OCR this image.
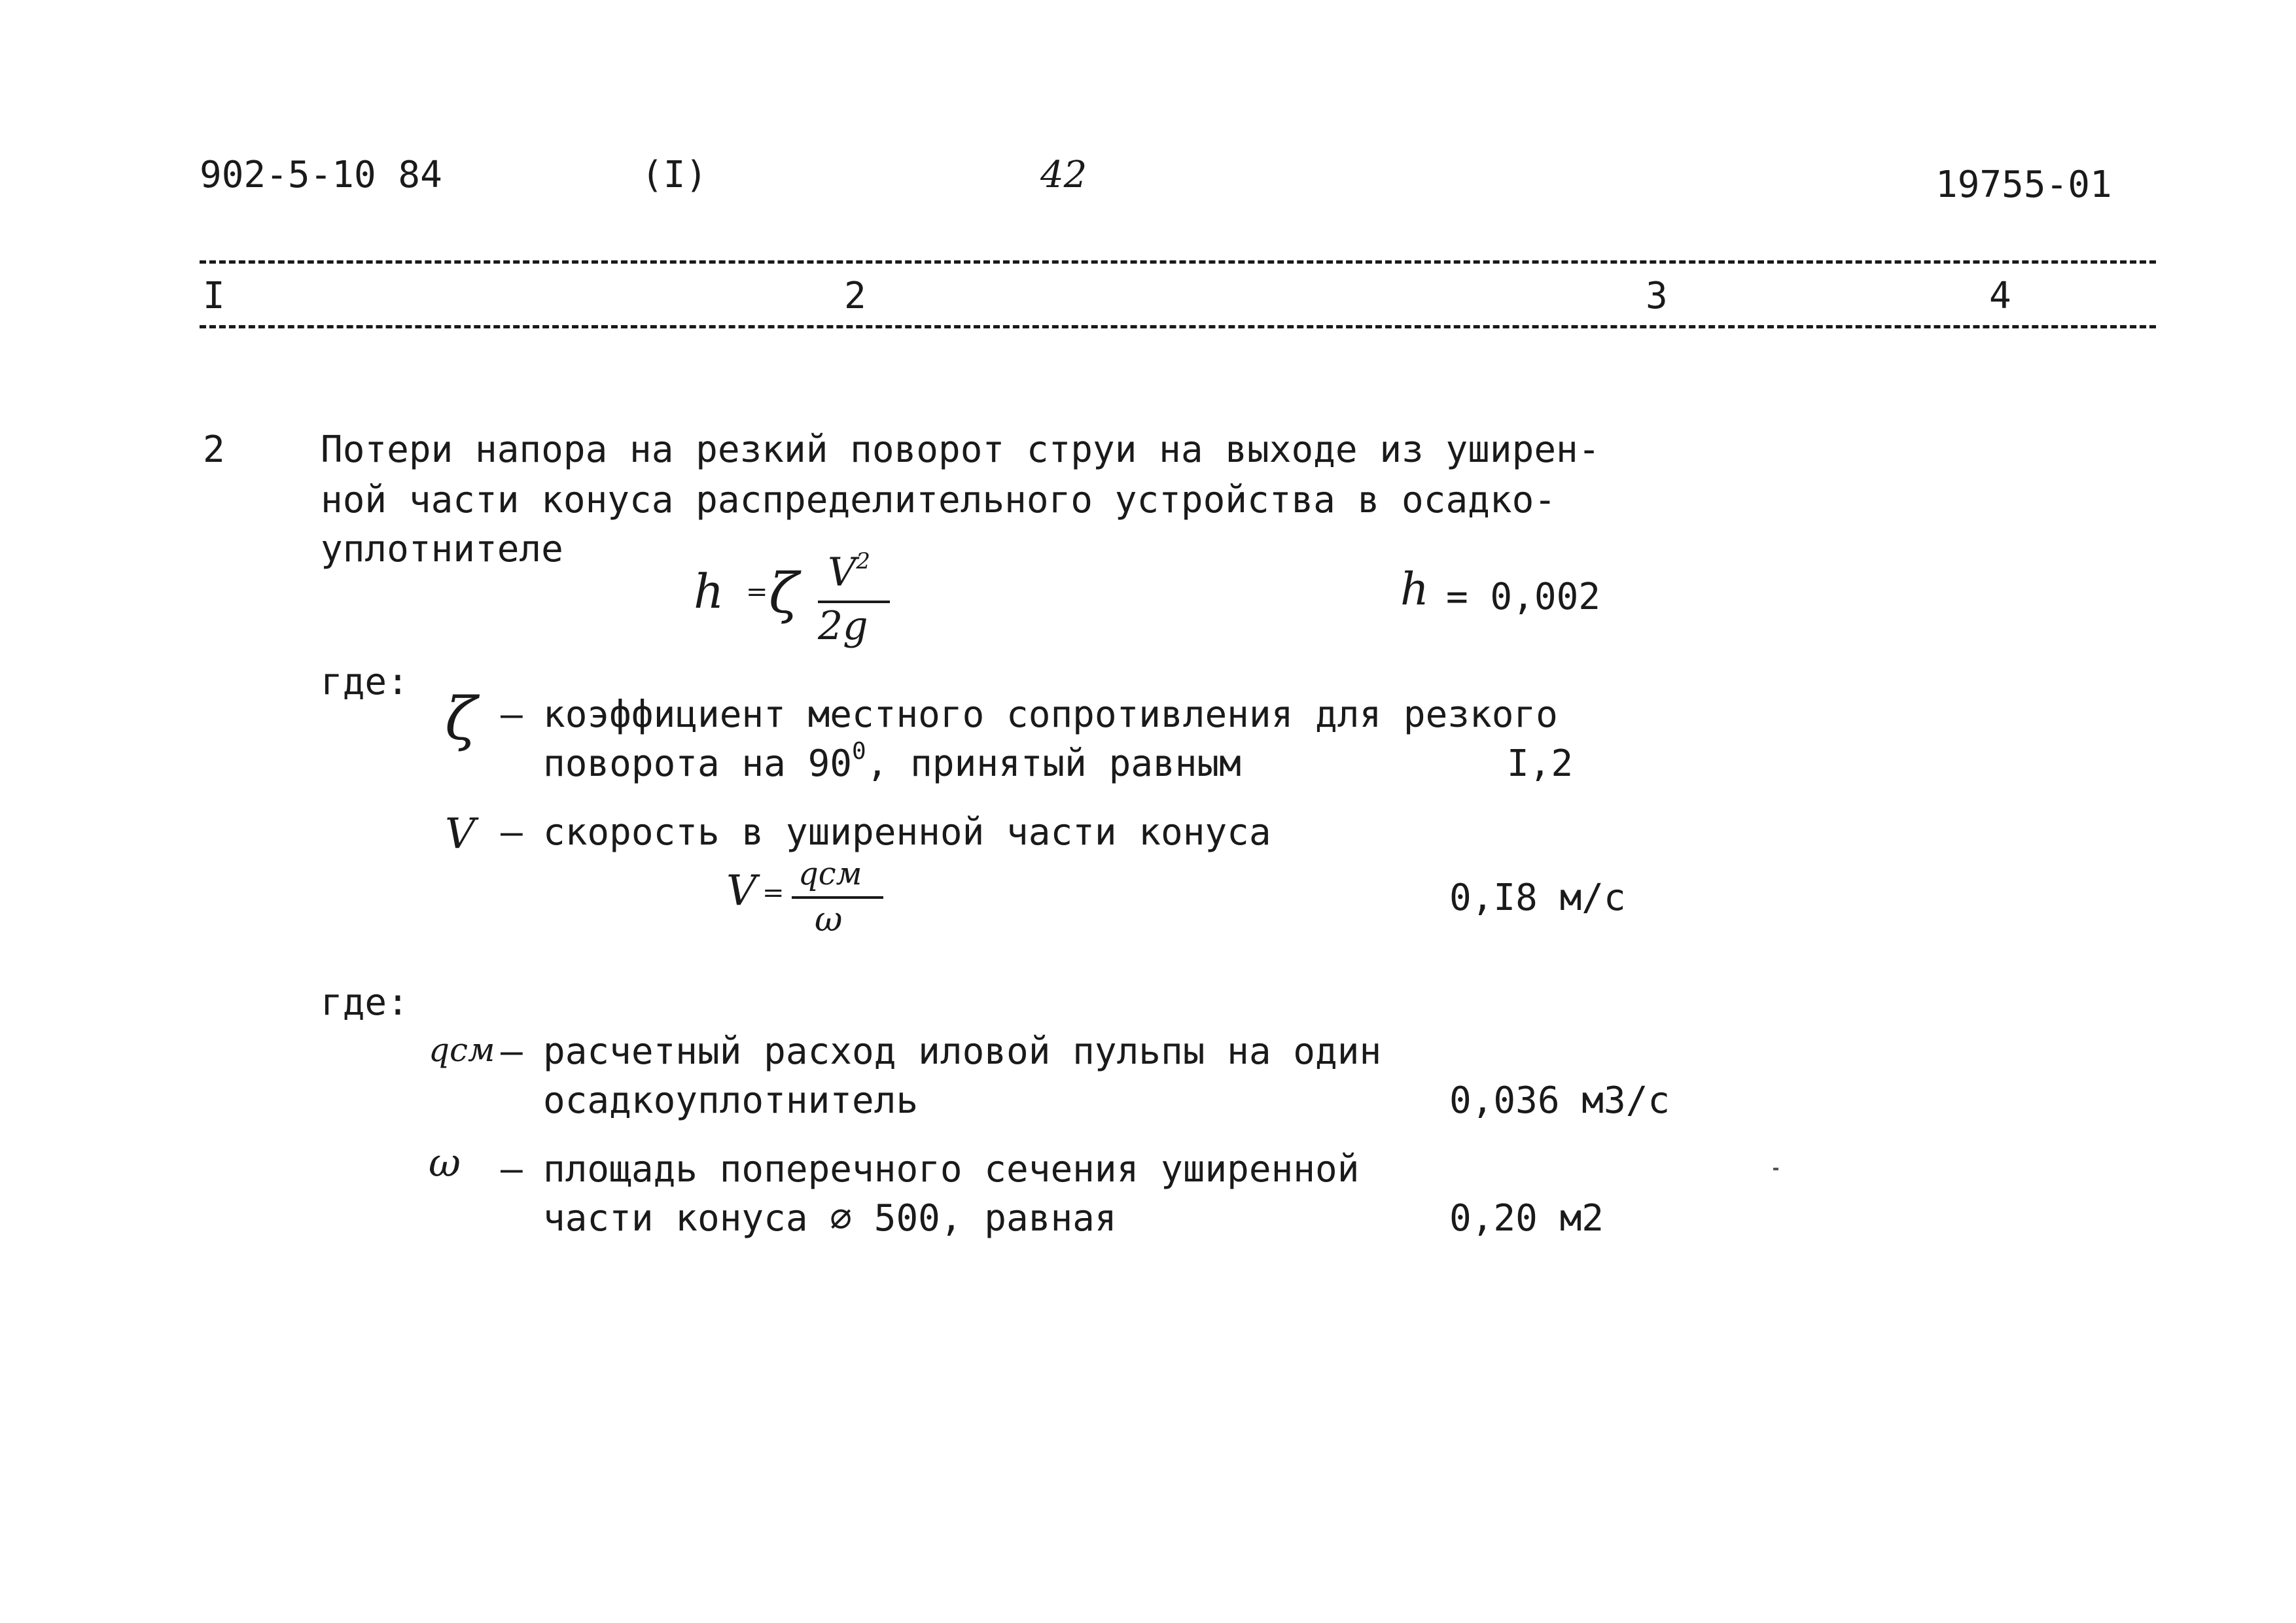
902-5-10 84	(I)	42	19755-01
I	2	3	4
2	Потери напора на резкий поворот струи на выходе из уширен-
ной части конуса распределительного устройства в осадко-
уплотнителе
h = ζ $V^2$
2g
h = 0,002
где:
ζ – коэффициент местного сопротивления для резкого
поворота на $90^0$, принятый равным	I,2
V – скорость в уширенной части конуса
V =
qсм
ω
0,I8 м/с
где:
qсм – расчетный расход иловой пульпы на один
осадкоуплотнитель	0,036 м3/с
ω – площадь поперечного сечения уширенной
части конуса ∅ 500, равная	0,20 м2
